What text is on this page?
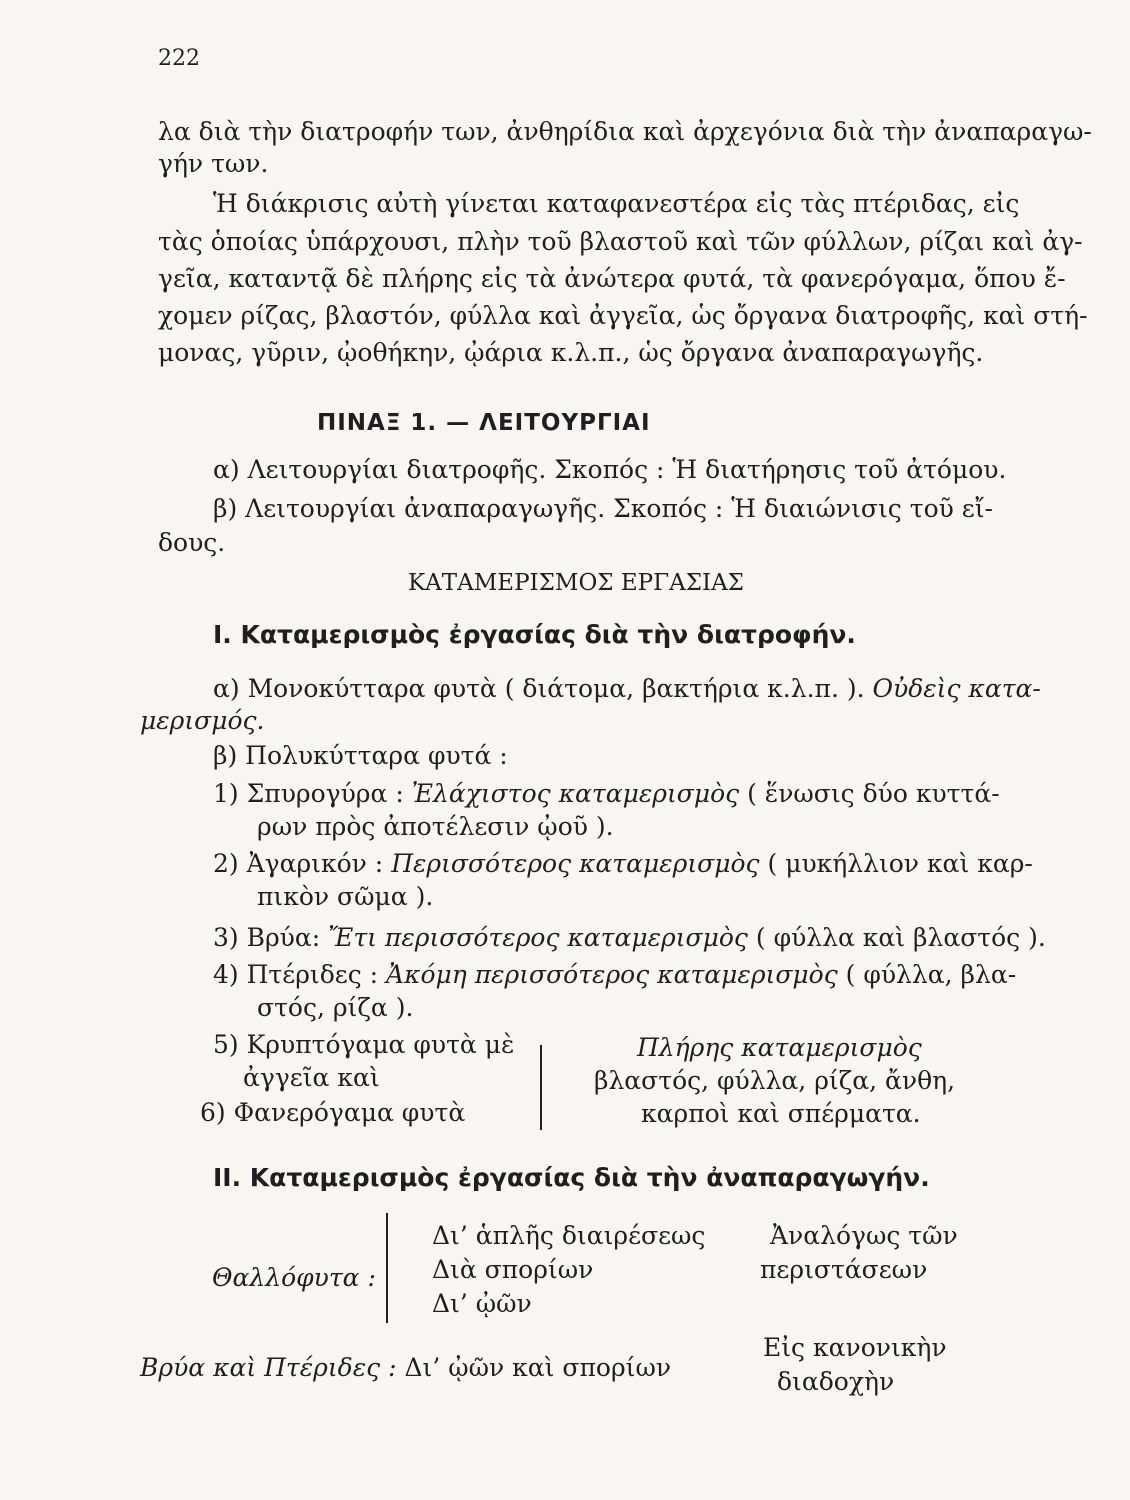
222
λα διὰ τὴν διατροφήν των, ἀνθηρίδια καὶ ἀρχεγόνια διὰ τὴν ἀναπαραγω-
γήν των.
Ἡ διάκρισις αὐτὴ γίνεται καταφανεστέρα εἰς τὰς πτέριδας, εἰς
τὰς ὁποίας ὑπάρχουσι, πλὴν τοῦ βλαστοῦ καὶ τῶν φύλλων, ρίζαι καὶ ἀγ-
γεῖα, καταντᾷ δὲ πλήρης εἰς τὰ ἀνώτερα φυτά, τὰ φανερόγαμα, ὅπου ἔ-
χομεν ρίζας, βλαστόν, φύλλα καὶ ἀγγεῖα, ὡς ὄργανα διατροφῆς, καὶ στή-
μονας, γῦριν, ᾠοθήκην, ᾠάρια κ.λ.π., ὡς ὄργανα ἀναπαραγωγῆς.
ΠΙΝΑΞ 1. — ΛΕΙΤΟΥΡΓΙΑΙ
α) Λειτουργίαι διατροφῆς. Σκοπός : Ἡ διατήρησις τοῦ ἀτόμου.
β) Λειτουργίαι ἀναπαραγωγῆς. Σκοπός : Ἡ διαιώνισις τοῦ εἴ-
δους.
ΚΑΤΑΜΕΡΙΣΜΟΣ ΕΡΓΑΣΙΑΣ
I. Καταμερισμὸς ἐργασίας διὰ τὴν διατροφήν.
α) Μονοκύτταρα φυτὰ ( διάτομα, βακτήρια κ.λ.π. ). Οὐδεὶς κατα-
μερισμός.
β) Πολυκύτταρα φυτά :
1) Σπυρογύρα : Ἐλάχιστος καταμερισμὸς ( ἕνωσις δύο κυττά-
ρων πρὸς ἀποτέλεσιν ᾠοῦ ).
2) Ἀγαρικόν : Περισσότερος καταμερισμὸς ( μυκήλλιον καὶ καρ-
πικὸν σῶμα ).
3) Βρύα: Ἔτι περισσότερος καταμερισμὸς ( φύλλα καὶ βλαστός ).
4) Πτέριδες : Ἀκόμη περισσότερος καταμερισμὸς ( φύλλα, βλα-
στός, ρίζα ).
5) Κρυπτόγαμα φυτὰ μὲ
ἀγγεῖα καὶ
6) Φανερόγαμα φυτὰ
Πλήρης καταμερισμὸς
βλαστός, φύλλα, ρίζα, ἄνθη,
καρποὶ καὶ σπέρματα.
II. Καταμερισμὸς ἐργασίας διὰ τὴν ἀναπαραγωγήν.
Θαλλόφυτα :
Δι’ ἁπλῆς διαιρέσεως
Διὰ σπορίων
Δι’ ᾠῶν
Ἀναλόγως τῶν
περιστάσεων
Εἰς κανονικὴν
διαδοχὴν
Βρύα καὶ Πτέριδες : Δι’ ᾠῶν καὶ σπορίων
